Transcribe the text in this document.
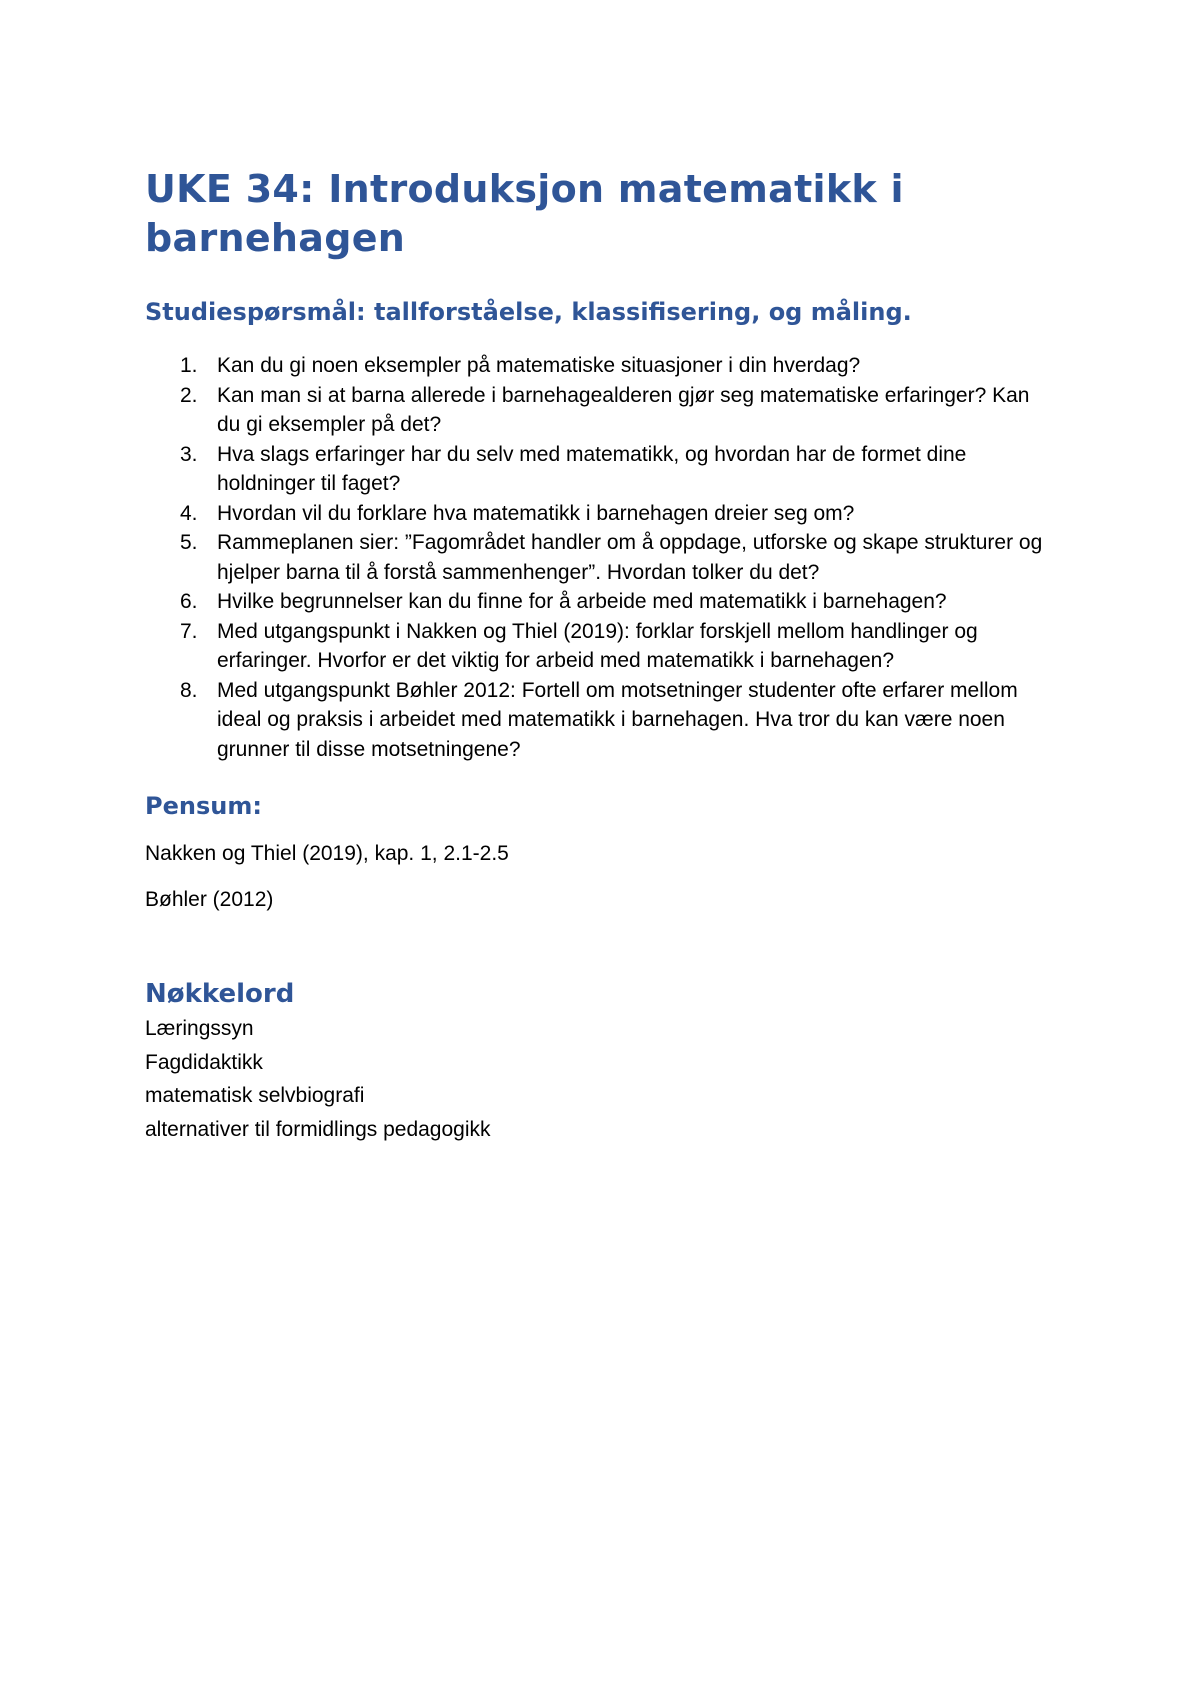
UKE 34: Introduksjon matematikk i barnehagen
Studiespørsmål: tallforståelse, klassifisering, og måling.
1. Kan du gi noen eksempler på matematiske situasjoner i din hverdag?
2. Kan man si at barna allerede i barnehagealderen gjør seg matematiske erfaringer? Kan du gi eksempler på det?
3. Hva slags erfaringer har du selv med matematikk, og hvordan har de formet dine holdninger til faget?
4. Hvordan vil du forklare hva matematikk i barnehagen dreier seg om?
5. Rammeplanen sier: ”Fagområdet handler om å oppdage, utforske og skape strukturer og hjelper barna til å forstå sammenhenger”. Hvordan tolker du det?
6. Hvilke begrunnelser kan du finne for å arbeide med matematikk i barnehagen?
7. Med utgangspunkt i Nakken og Thiel (2019): forklar forskjell mellom handlinger og erfaringer. Hvorfor er det viktig for arbeid med matematikk i barnehagen?
8. Med utgangspunkt Bøhler 2012: Fortell om motsetninger studenter ofte erfarer mellom ideal og praksis i arbeidet med matematikk i barnehagen. Hva tror du kan være noen grunner til disse motsetningene?
Pensum:

Nakken og Thiel (2019), kap. 1, 2.1-2.5

Bøhler (2012)

Nøkkelord
Læringssyn
Fagdidaktikk
matematisk selvbiografi
alternativer til formidlings pedagogikk
